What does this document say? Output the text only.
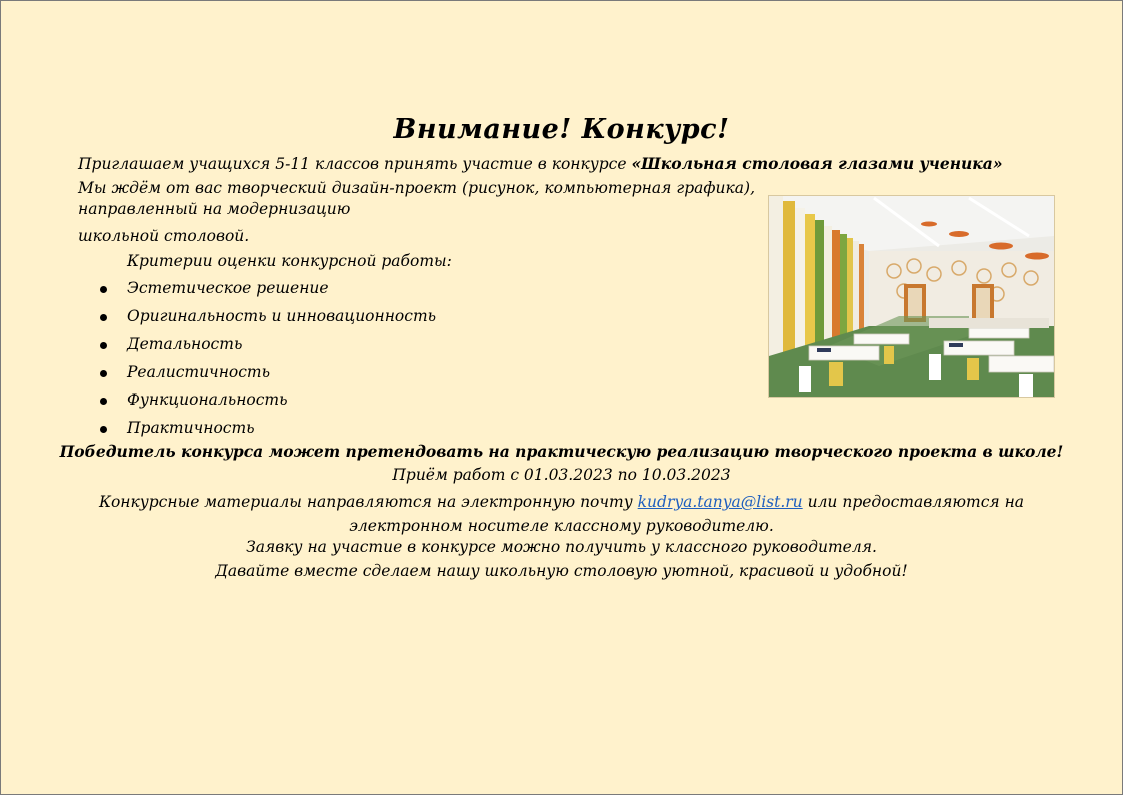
Внимание! Конкурс!
Приглашаем учащихся 5-11 классов принять участие в конкурсе «Школьная столовая глазами ученика»
Мы ждём от вас творческий дизайн-проект (рисунок, компьютерная графика), направленный на модернизацию
школьной столовой.
Критерии оценки конкурсной работы:
Эстетическое решение
Оригинальность и инновационность
Детальность
Реалистичность
Функциональность
Практичность
Победитель конкурса может претендовать на практическую реализацию творческого проекта в школе!
Приём работ с 01.03.2023 по 10.03.2023
Конкурсные материалы направляются на электронную почту kudrya.tanya@list.ru или предоставляются на
электронном носителе классному руководителю.
Заявку на участие в конкурсе можно получить у классного руководителя.
Давайте вместе сделаем нашу школьную столовую уютной, красивой и удобной!
